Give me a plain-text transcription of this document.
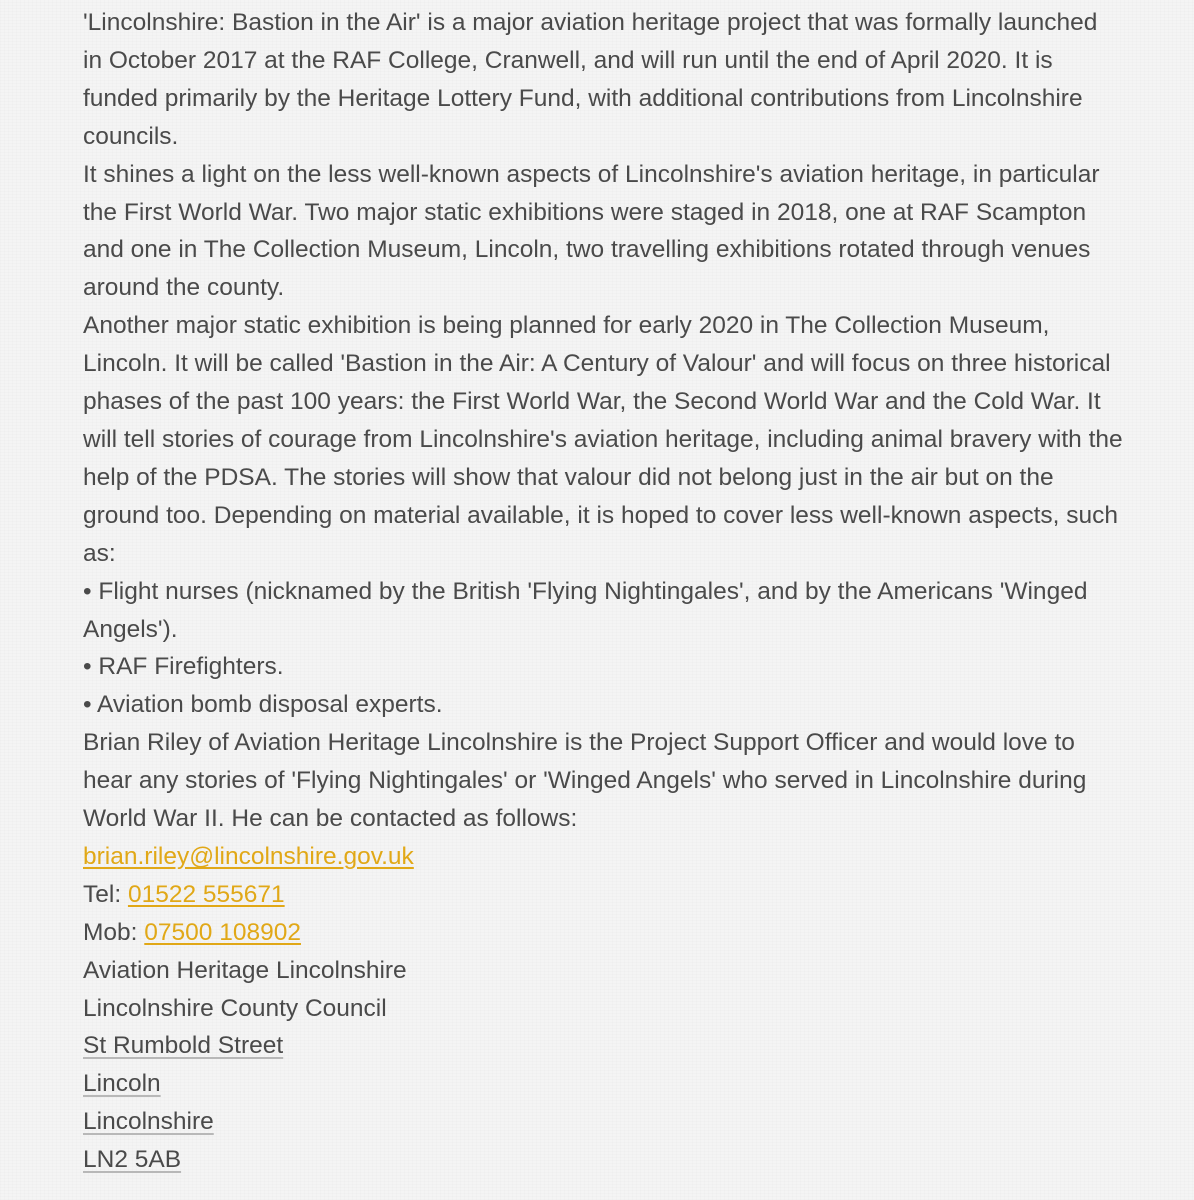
'Lincolnshire: Bastion in the Air' is a major aviation heritage project that was formally launched in October 2017 at the RAF College, Cranwell, and will run until the end of April 2020. It is funded primarily by the Heritage Lottery Fund, with additional contributions from Lincolnshire councils.

It shines a light on the less well-known aspects of Lincolnshire's aviation heritage, in particular the First World War. Two major static exhibitions were staged in 2018, one at RAF Scampton and one in The Collection Museum, Lincoln, two travelling exhibitions rotated through venues around the county.

Another major static exhibition is being planned for early 2020 in The Collection Museum, Lincoln. It will be called 'Bastion in the Air: A Century of Valour' and will focus on three historical phases of the past 100 years: the First World War, the Second World War and the Cold War. It will tell stories of courage from Lincolnshire's aviation heritage, including animal bravery with the help of the PDSA. The stories will show that valour did not belong just in the air but on the ground too. Depending on material available, it is hoped to cover less well-known aspects, such as:

• Flight nurses (nicknamed by the British 'Flying Nightingales', and by the Americans 'Winged Angels').

• RAF Firefighters.

• Aviation bomb disposal experts.

Brian Riley of Aviation Heritage Lincolnshire is the Project Support Officer and would love to hear any stories of 'Flying Nightingales' or 'Winged Angels' who served in Lincolnshire during World War II. He can be contacted as follows:

brian.riley@lincolnshire.gov.uk

Tel: 01522 555671

Mob: 07500 108902

Aviation Heritage Lincolnshire

Lincolnshire County Council

St Rumbold Street

Lincoln

Lincolnshire

LN2 5AB
